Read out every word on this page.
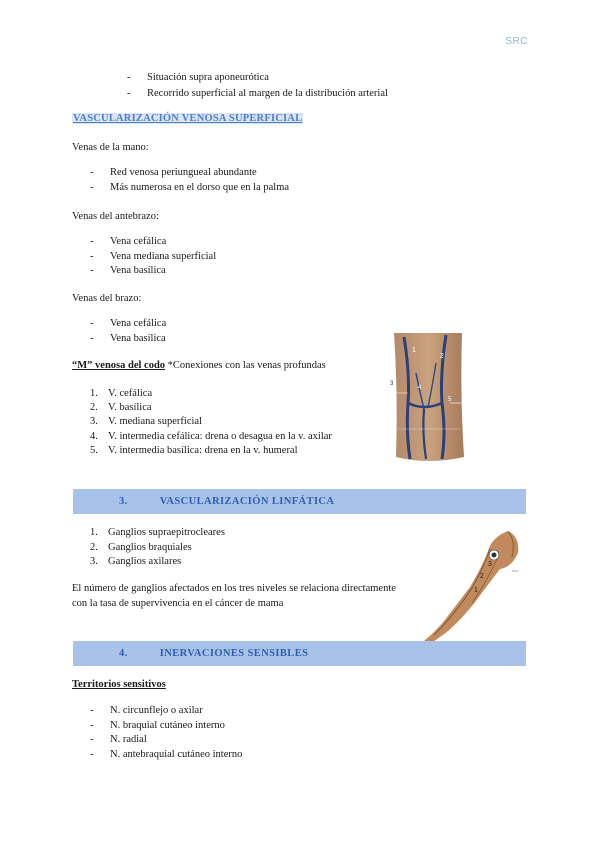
SRC
-	Situación supra aponeurótica
-	Recorrido superficial al margen de la distribución arterial
VASCULARIZACIÓN VENOSA SUPERFICIAL
Venas de la mano:
-	Red venosa periungueal abundante
-	Más numerosa en el dorso que en la palma
Venas del antebrazo:
-	Vena cefálica
-	Vena mediana superficial
-	Vena basílica
Venas del brazo:
-	Vena cefálica
-	Vena basílica
“M” venosa del codo *Conexiones con las venas profundas
1. V. cefálica
2. V. basílica
3. V. mediana superficial
4. V. intermedia cefálica: drena o desagua en la v. axilar
5. V. intermedia basílica: drena en la v. humeral
1
2
3
4
5
3.	VASCULARIZACIÓN LINFÁTICA
1. Ganglios supraepitrocleares
2. Ganglios braquiales
3. Ganglios axilares
El número de ganglios afectados en los tres niveles se relaciona directamente
con la tasa de supervivencia en el cáncer de mama
3
2
1
4.	INERVACIONES SENSIBLES
Territorios sensitivos
-	N. circunflejo o axilar
-	N. braquial cutáneo interno
-	N. radial
-	N. antebraquial cutáneo interno
